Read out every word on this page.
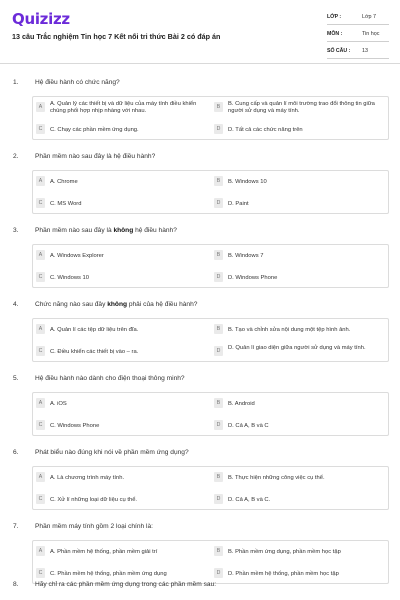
Quizizz
13 câu Trắc nghiệm Tin học 7 Kết nối tri thức Bài 2 có đáp án
LỚP :	Lớp 7
MÔN :	Tin học
SỐ CÂU : 13
1.	Hệ điều hành có chức năng?
A	A. Quản lý các thiết bị và dữ liệu của máy tính điều khiển chúng phối hợp nhịp nhàng với nhau.
B	B. Cung cấp và quản lí môi trường trao đổi thông tin giữa người sử dụng và máy tính.
C	C. Chạy các phần mềm ứng dụng.	D	D. Tất cả các chức năng trên
2.	Phần mềm nào sau đây là hệ điều hành?
A	A. Chrome	B	B. Windows 10
C	C. MS Word	D	D. Paint
3.	Phần mềm nào sau đây là không hệ điều hành?
A	A. Windows Explorer	B	B. Windows 7
C	C. Windows 10	D	D. Windows Phone
4.	Chức năng nào sau đây không phải của hệ điều hành?
A	A. Quản lí các tệp dữ liệu trên đĩa.	B	B. Tạo và chỉnh sửa nội dung một tệp hình ảnh.
C	C. Điều khiển các thiết bị vào – ra.	D	D. Quản lí giao diện giữa người sử dụng và máy tính.
5.	Hệ điều hành nào dành cho điện thoại thông minh?
A	A. iOS	B	B. Android
C	C. Windows Phone	D	D. Cả A, B và C
6.	Phát biểu nào đúng khi nói về phần mềm ứng dụng?
A	A. Là chương trình máy tính.	B	B. Thực hiện những công việc cụ thể.
C	C. Xử lí những loại dữ liệu cụ thể.	D	D. Cả A, B và C.
7.	Phần mềm máy tính gồm 2 loại chính là:
A	A. Phần mềm hệ thống, phần mềm giải trí	B	B. Phần mềm ứng dụng, phần mềm học tập
C	C. Phần mềm hệ thống, phần mềm ứng dụng	D	D. Phần mềm hệ thống, phần mềm học tập
8.	Hãy chỉ ra các phần mềm ứng dụng trong các phần mềm sau:
